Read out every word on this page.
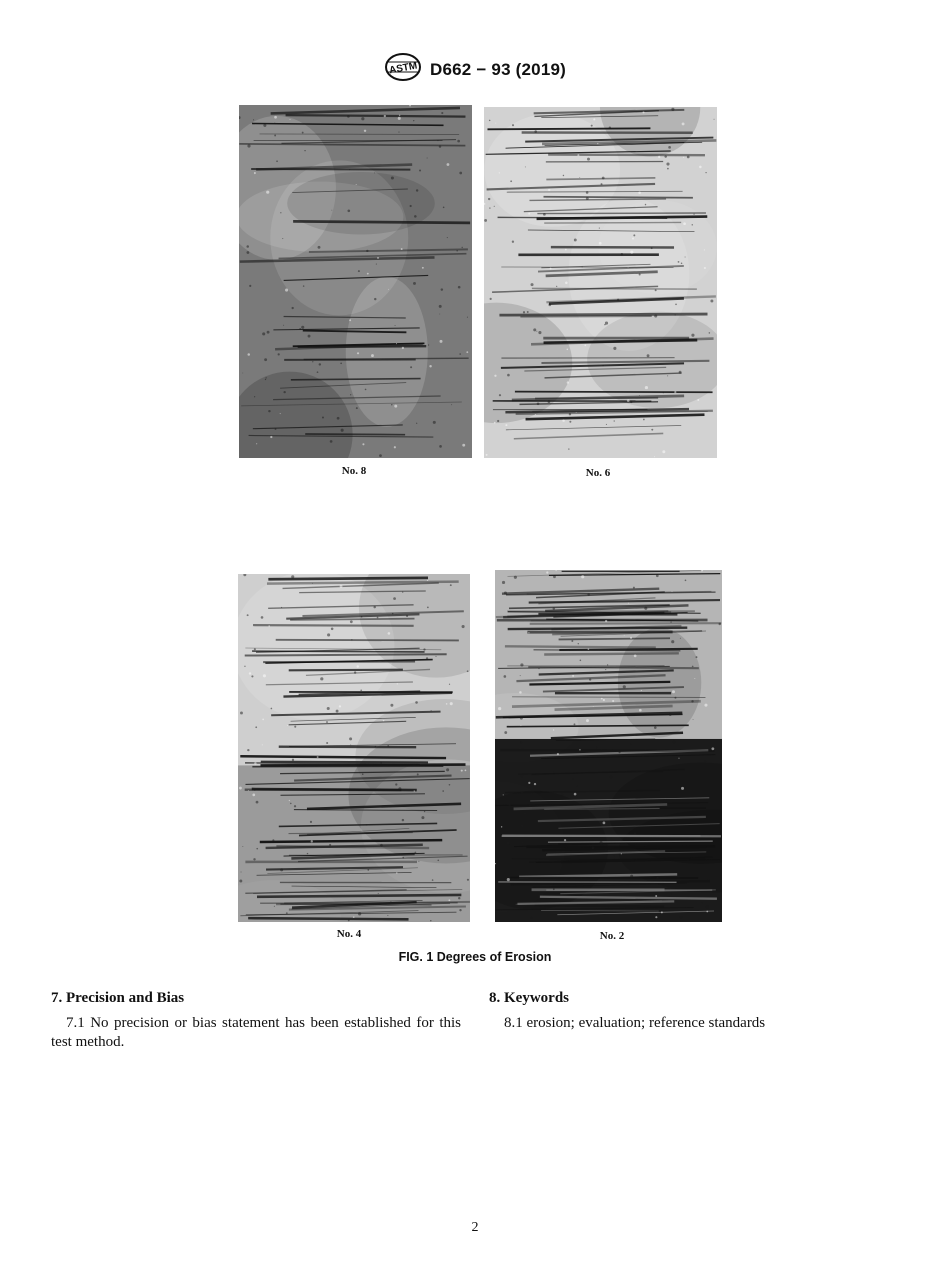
ASTM D662 − 93 (2019)
No. 8	No. 6
No. 4	No. 2
FIG. 1 Degrees of Erosion
7. Precision and Bias

7.1 No precision or bias statement has been established for this test method.

8. Keywords

8.1 erosion; evaluation; reference standards

2
